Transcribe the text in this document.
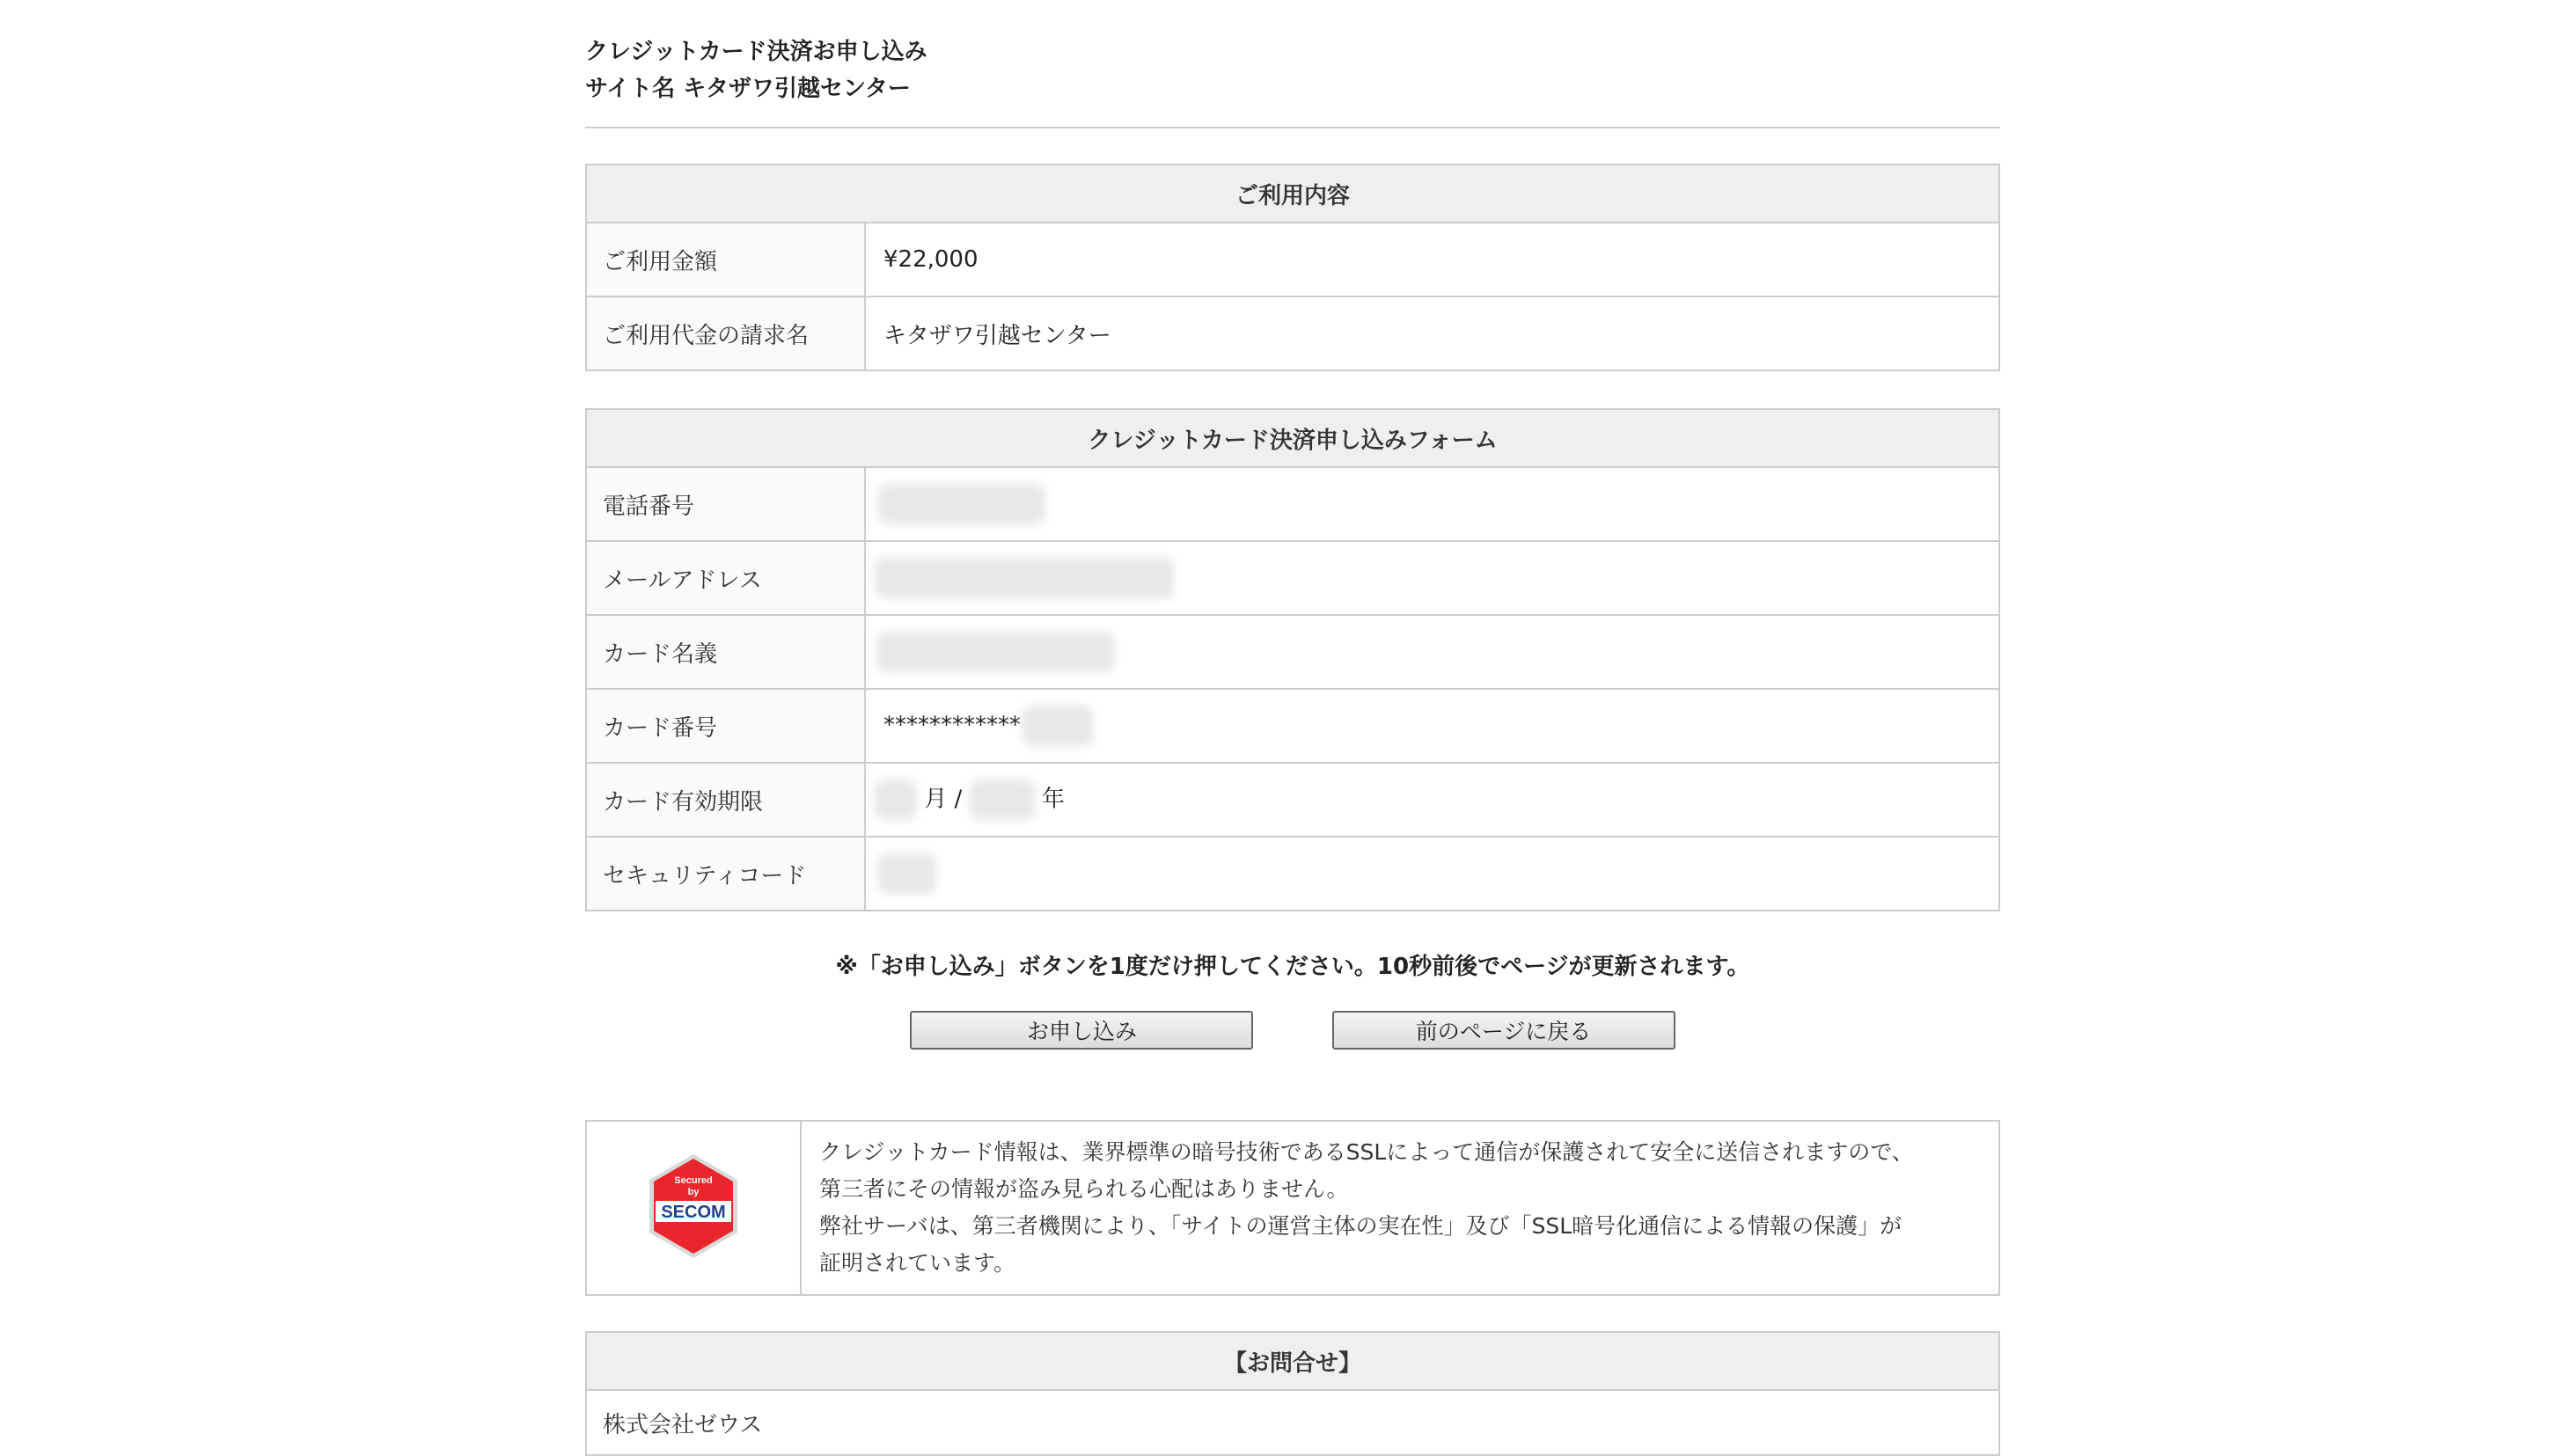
クレジットカード決済お申し込み
サイト名 キタザワ引越センター
ご利用内容	
ご利用金額	¥22,000
ご利用代金の請求名	キタザワ引越センター
クレジットカード決済申し込みフォーム	
電話番号	
メールアドレス	
カード名義	
カード番号	************
カード有効期限	月 / 年
セキュリティコード	
※「お申し込み」ボタンを1度だけ押してください。10秒前後でページが更新されます。
お申し込み	前のページに戻る
Secured
by
SECOM

クレジットカード情報は、業界標準の暗号技術であるSSLによって通信が保護されて安全に送信されますので、
第三者にその情報が盗み見られる心配はありません。
弊社サーバは、第三者機関により、「サイトの運営主体の実在性」及び「SSL暗号化通信による情報の保護」が
証明されています。
【お問合せ】
株式会社ゼウス
